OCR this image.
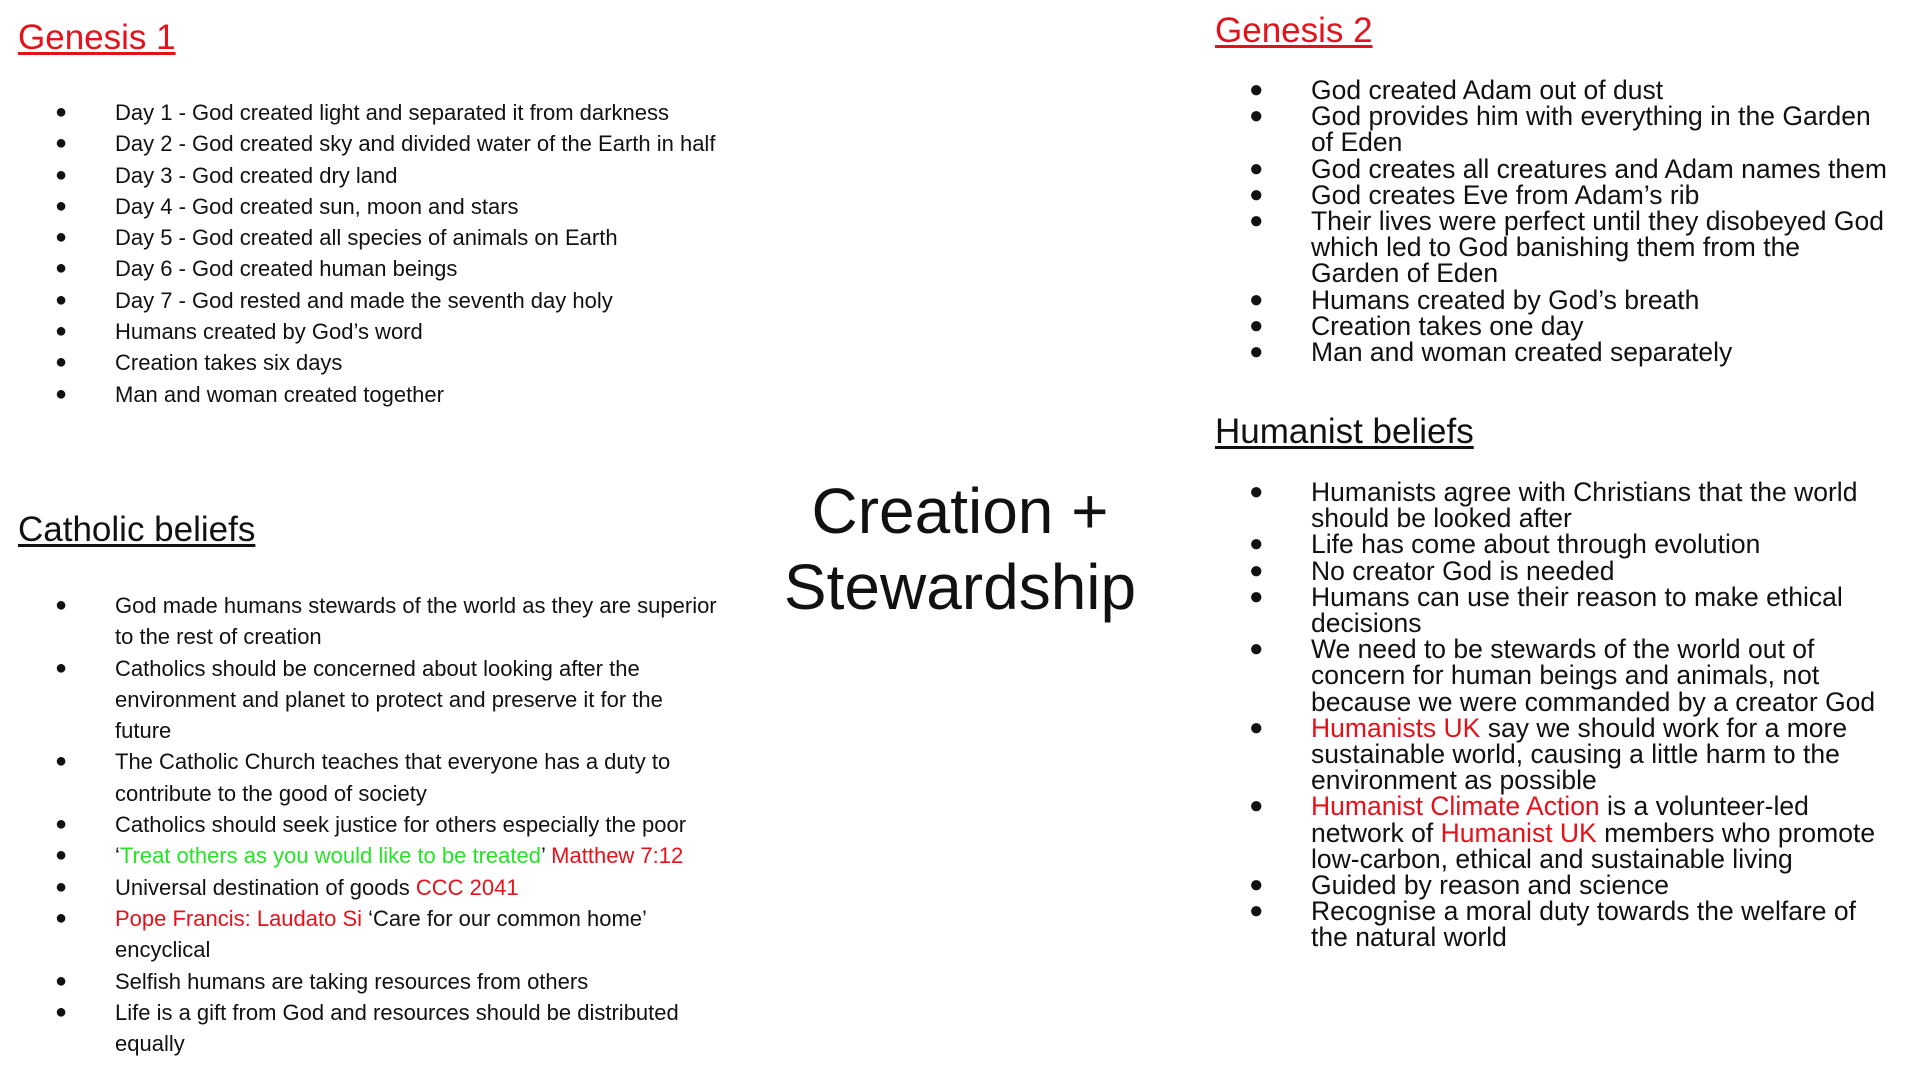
Genesis 1
● Day 1 - God created light and separated it from darkness
● Day 2 - God created sky and divided water of the Earth in half
● Day 3 - God created dry land
● Day 4 - God created sun, moon and stars
● Day 5 - God created all species of animals on Earth
● Day 6 - God created human beings
● Day 7 - God rested and made the seventh day holy
● Humans created by God’s word
● Creation takes six days
● Man and woman created together
Catholic beliefs
● God made humans stewards of the world as they are superior
to the rest of creation
● Catholics should be concerned about looking after the
environment and planet to protect and preserve it for the
future
● The Catholic Church teaches that everyone has a duty to
contribute to the good of society
● Catholics should seek justice for others especially the poor
● ‘Treat others as you would like to be treated’ Matthew 7:12
● Universal destination of goods CCC 2041
● Pope Francis: Laudato Si ‘Care for our common home’
encyclical
● Selfish humans are taking resources from others
● Life is a gift from God and resources should be distributed
equally
Creation +
Stewardship
Genesis 2
● God created Adam out of dust
● God provides him with everything in the Garden
of Eden
● God creates all creatures and Adam names them
● God creates Eve from Adam’s rib
● Their lives were perfect until they disobeyed God
which led to God banishing them from the
Garden of Eden
● Humans created by God’s breath
● Creation takes one day
● Man and woman created separately
Humanist beliefs
● Humanists agree with Christians that the world
should be looked after
● Life has come about through evolution
● No creator God is needed
● Humans can use their reason to make ethical
decisions
● We need to be stewards of the world out of
concern for human beings and animals, not
because we were commanded by a creator God
● Humanists UK say we should work for a more
sustainable world, causing a little harm to the
environment as possible
● Humanist Climate Action is a volunteer-led
network of Humanist UK members who promote
low-carbon, ethical and sustainable living
● Guided by reason and science
● Recognise a moral duty towards the welfare of
the natural world
